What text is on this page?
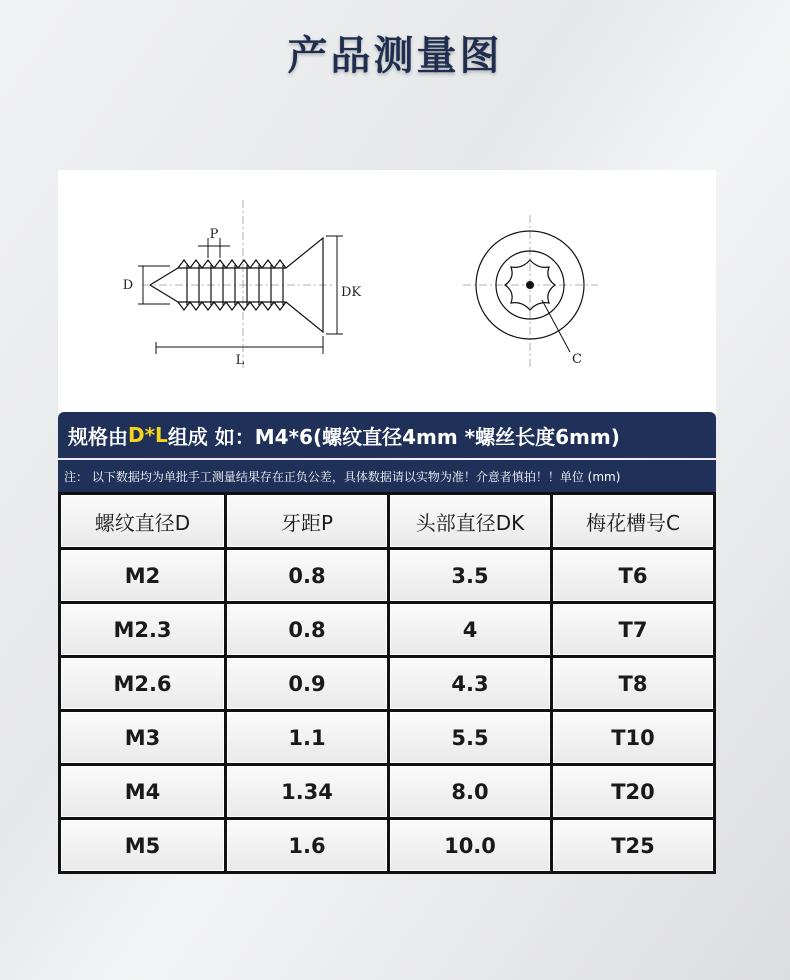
产品测量图
P
D	DK
L	C
规格由 D*L 组成 如：M4*6(螺纹直径4mm *螺丝长度6mm)
注： 以下数据均为单批手工测量结果存在正负公差，具体数据请以实物为准！介意者慎拍！！单位 (mm)
螺纹直径D	牙距P	头部直径DK	梅花槽号C
M2	0.8	3.5	T6
M2.3	0.8	4	T7
M2.6	0.9	4.3	T8
M3	1.1	5.5	T10
M4	1.34	8.0	T20
M5	1.6	10.0	T25
